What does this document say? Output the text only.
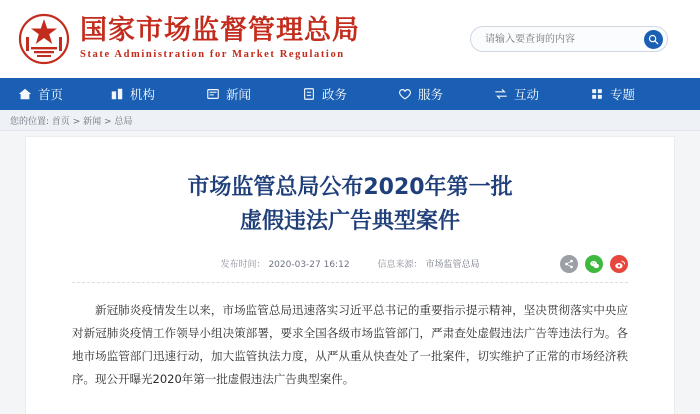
国家市场监督管理总局
State Administration for Market Regulation
请输入要查询的内容
首页	机构	新闻	政务	服务	互动	专题
您的位置: 首页 > 新闻 > 总局
市场监管总局公布2020年第一批
虚假违法广告典型案件
发布时间： 2020-03-27 16:12	信息来源： 市场监管总局
新冠肺炎疫情发生以来，市场监管总局迅速落实习近平总书记的重要指示提示精神，坚决贯彻落实中央应对新冠肺炎疫情工作领导小组决策部署，要求全国各级市场监管部门，严肃查处虚假违法广告等违法行为。各地市场监管部门迅速行动，加大监管执法力度，从严从重从快查处了一批案件，切实维护了正常的市场经济秩序。现公开曝光2020年第一批虚假违法广告典型案件。
